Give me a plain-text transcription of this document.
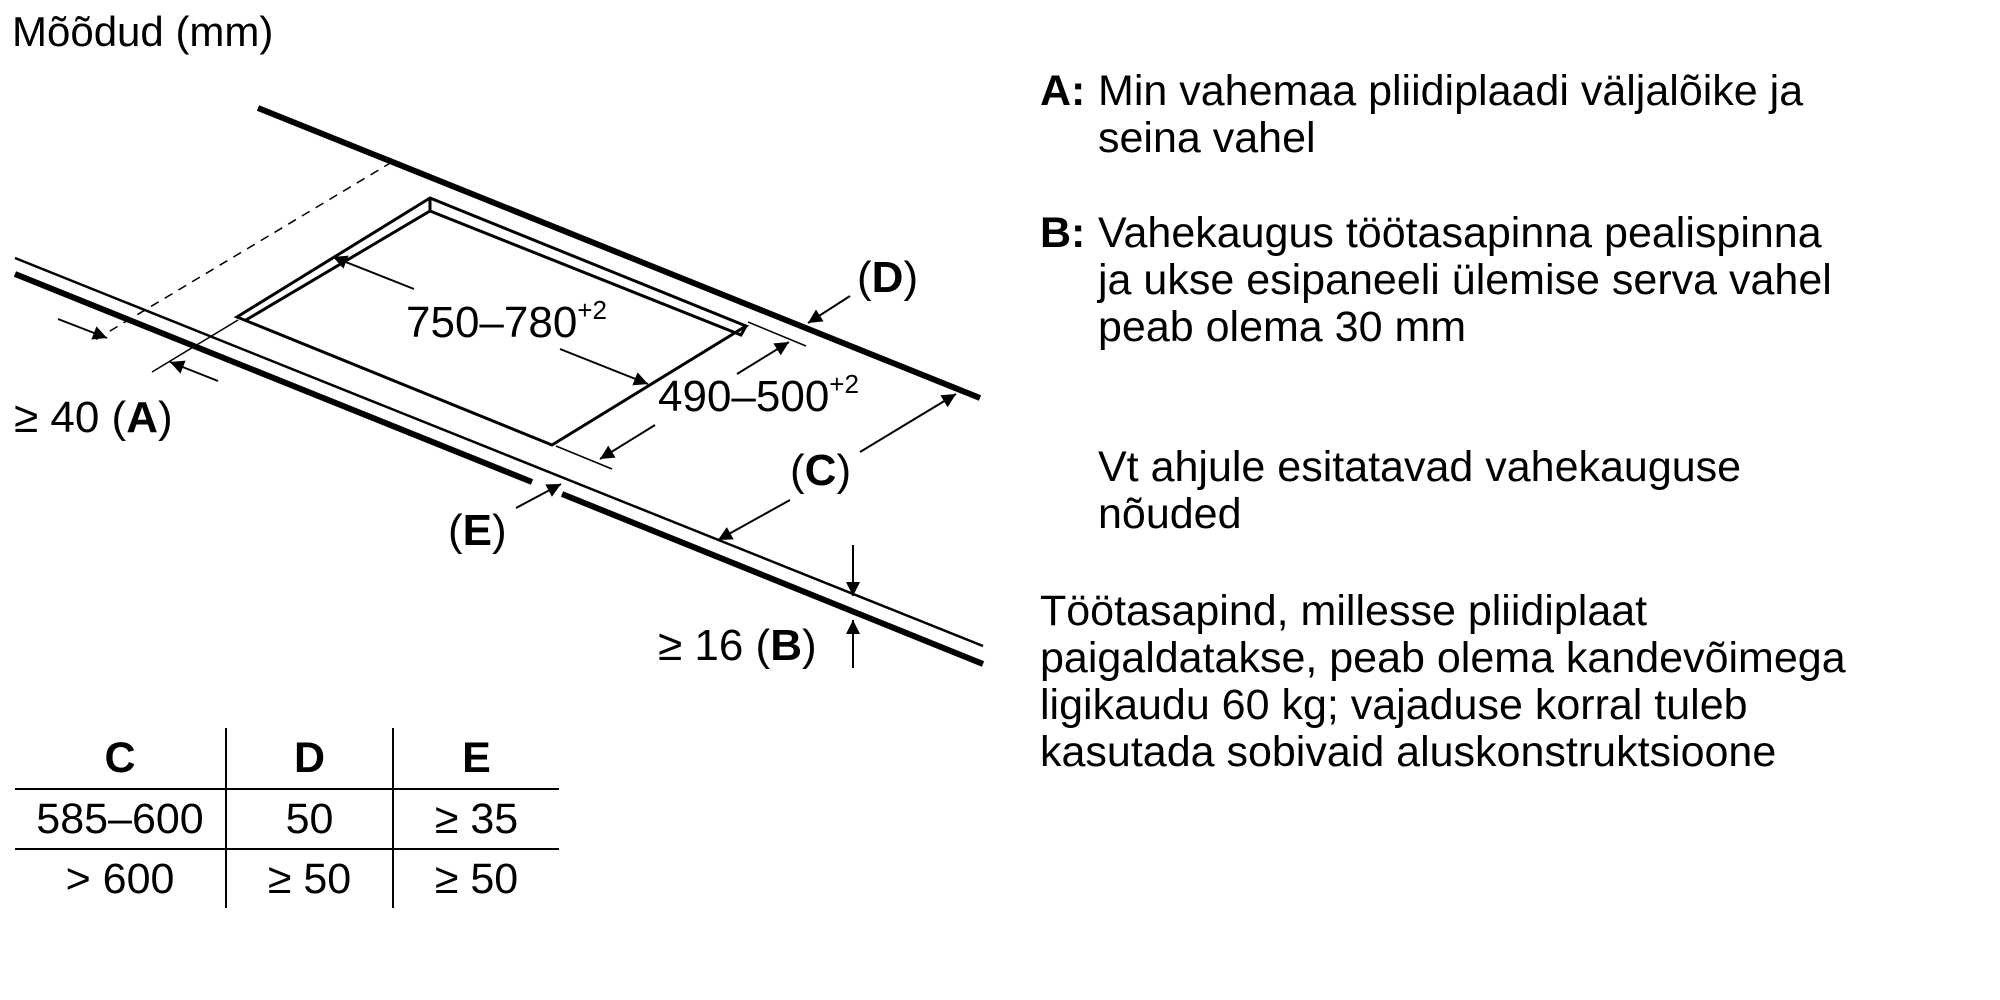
Mõõdud (mm)
$750-780^{+2}$
$490-500^{+2}$
(D)
(C)
(E)
≥ 40 (A)
≥ 16 (B)
A: Min vahemaa pliidiplaadi väljalõike ja
seina vahel
B: Vahekaugus töötasapinna pealispinna
ja ukse esipaneeli ülemise serva vahel
peab olema 30 mm
Vt ahjule esitatavad vahekauguse
nõuded
Töötasapind, millesse pliidiplaat
paigaldatakse, peab olema kandevõimega
ligikaudu 60 kg; vajaduse korral tuleb
kasutada sobivaid aluskonstruktsioone
C	D	E
585–600	50	≥ 35
> 600	≥ 50	≥ 50
